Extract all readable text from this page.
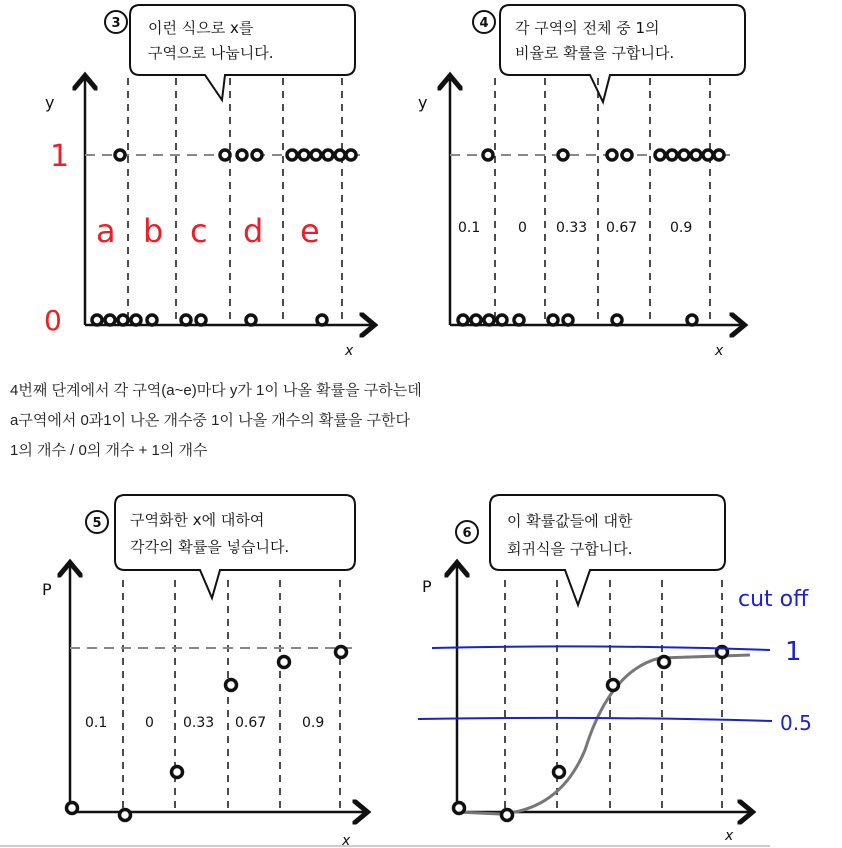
3 이런 식으로 x를
구역으로 나눕니다.
y
x
1
0
a b c d e
4 각 구역의 전체 중 1의
비율로 확률을 구합니다.
y
x
0.1	0 0.33 0.67 0.9
5 구역화한 x에 대하여
각각의 확률을 넣습니다.
P
x
0.1	0 0.33 0.67	0.9
6
이 확률값들에 대한
회귀식을 구합니다.
P
x
cut off
1
0.5
4번째 단계에서 각 구역(a~e)마다 y가 1이 나올 확률을 구하는데
a구역에서 0과1이 나온 개수중 1이 나올 개수의 확률을 구한다
1의 개수 / 0의 개수 + 1의 개수
